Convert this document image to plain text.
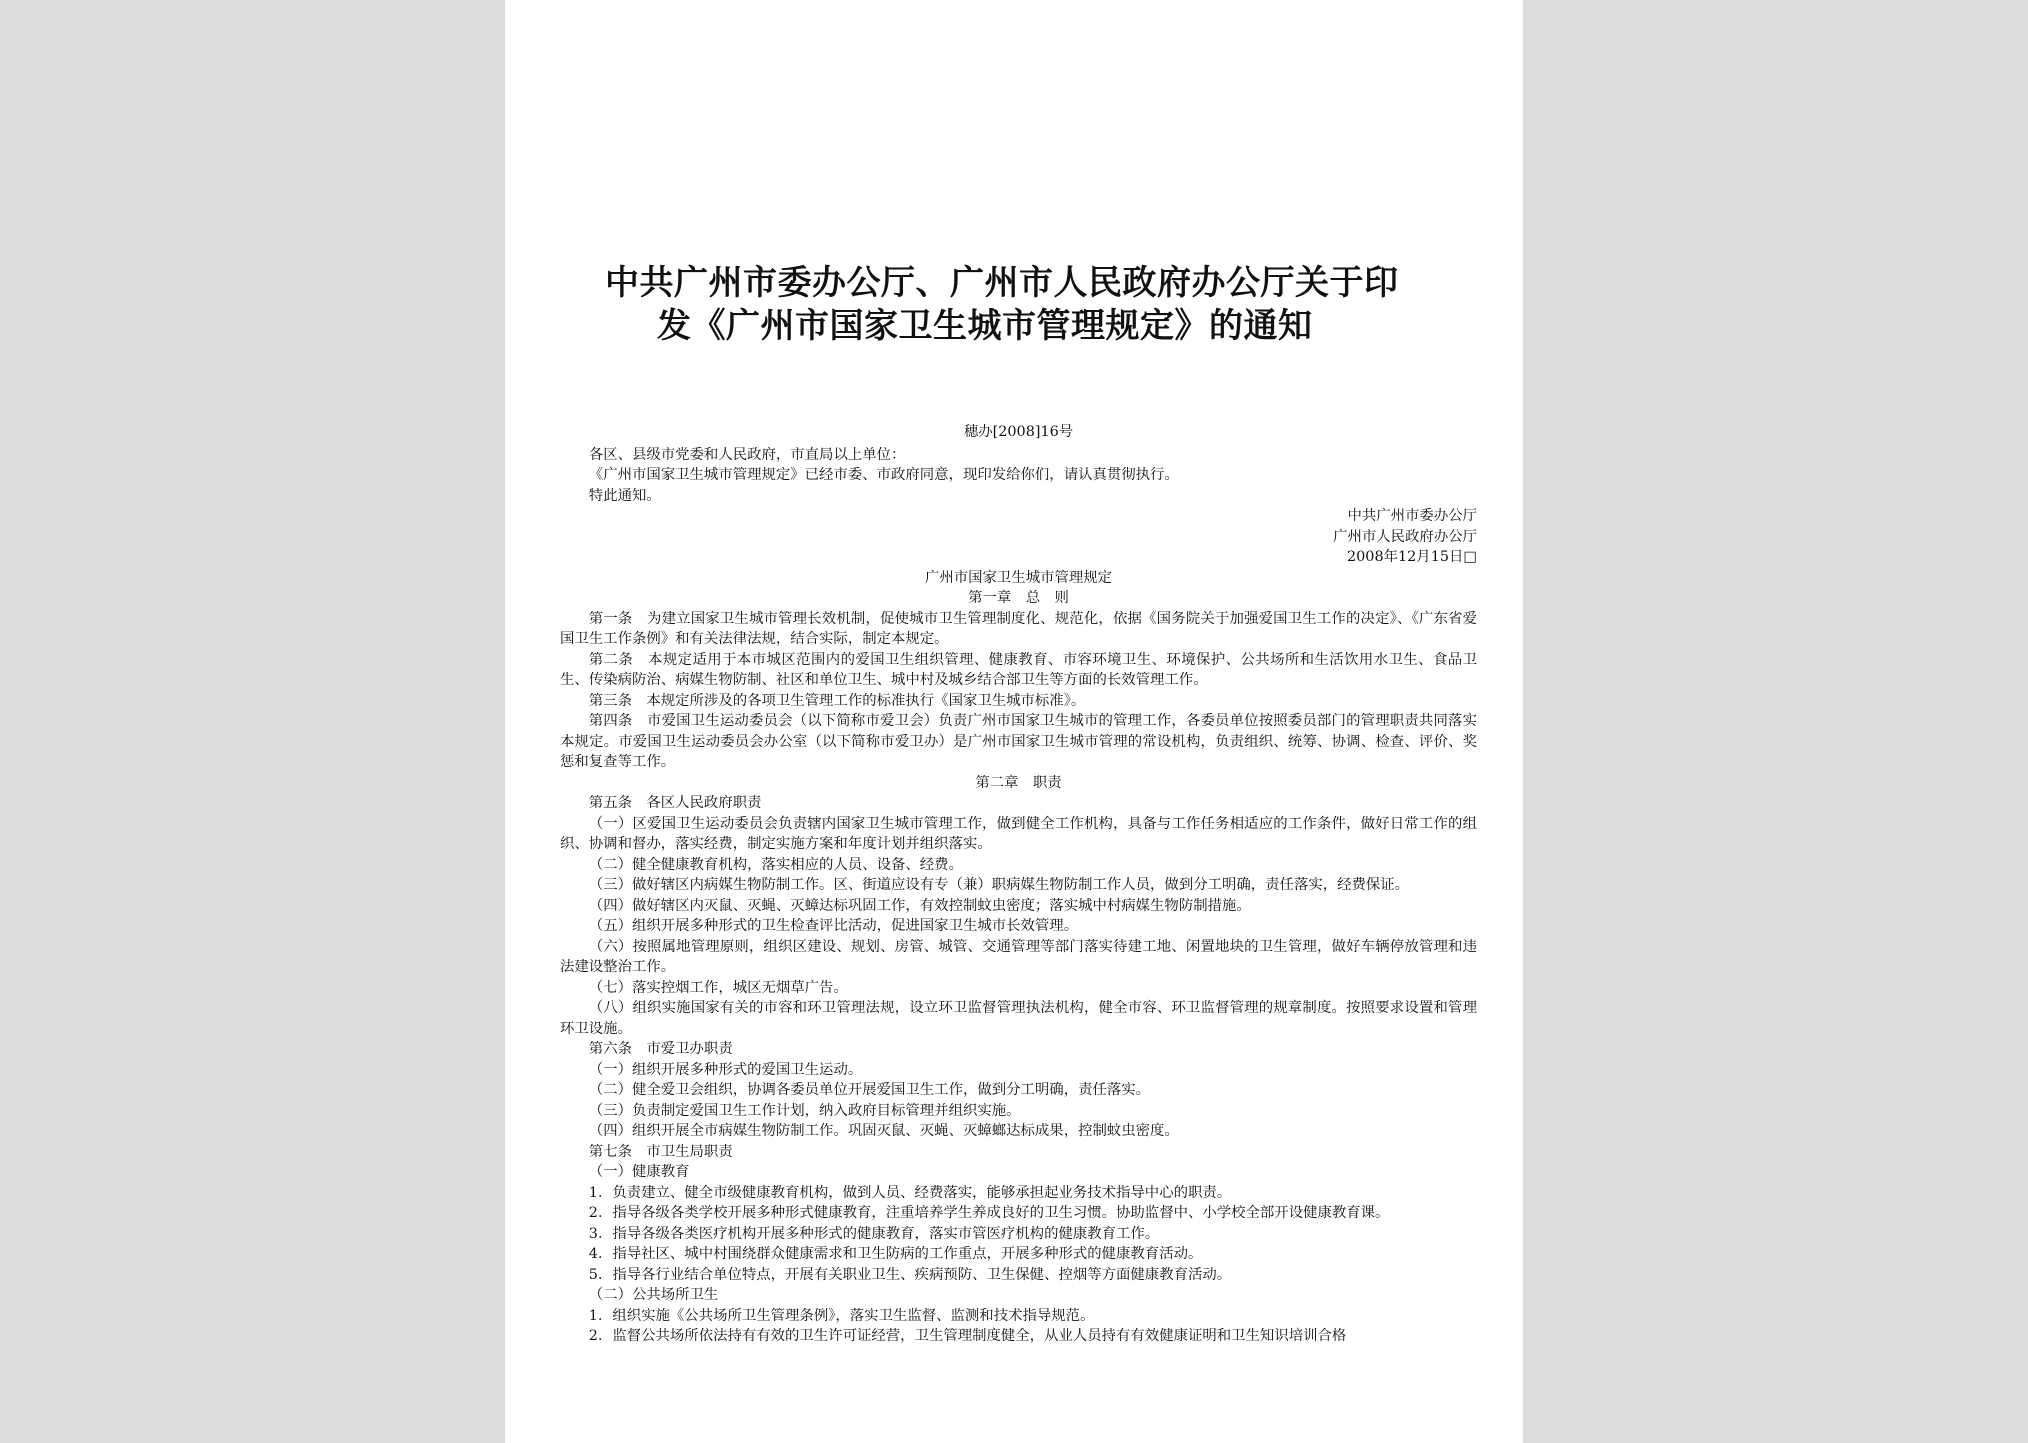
中共广州市委办公厅、广州市人民政府办公厅关于印
发《广州市国家卫生城市管理规定》的通知
穗办[2008]16号

各区、县级市党委和人民政府，市直局以上单位：

《广州市国家卫生城市管理规定》已经市委、市政府同意，现印发给你们，请认真贯彻执行。

特此通知。

中共广州市委办公厅
广州市人民政府办公厅
2008年12月15日□
广州市国家卫生城市管理规定
第一章　总　则

第一条　为建立国家卫生城市管理长效机制，促使城市卫生管理制度化、规范化，依据《国务院关于加强爱国卫生工作的决定》、《广东省爱国卫生工作条例》和有关法律法规，结合实际，制定本规定。

第二条　本规定适用于本市城区范围内的爱国卫生组织管理、健康教育、市容环境卫生、环境保护、公共场所和生活饮用水卫生、食品卫生、传染病防治、病媒生物防制、社区和单位卫生、城中村及城乡结合部卫生等方面的长效管理工作。

第三条　本规定所涉及的各项卫生管理工作的标准执行《国家卫生城市标准》。

第四条　市爱国卫生运动委员会（以下简称市爱卫会）负责广州市国家卫生城市的管理工作，各委员单位按照委员部门的管理职责共同落实本规定。市爱国卫生运动委员会办公室（以下简称市爱卫办）是广州市国家卫生城市管理的常设机构，负责组织、统筹、协调、检查、评价、奖惩和复查等工作。

第二章　职责

第五条　各区人民政府职责

（一）区爱国卫生运动委员会负责辖内国家卫生城市管理工作，做到健全工作机构，具备与工作任务相适应的工作条件，做好日常工作的组织、协调和督办，落实经费，制定实施方案和年度计划并组织落实。

（二）健全健康教育机构，落实相应的人员、设备、经费。

（三）做好辖区内病媒生物防制工作。区、街道应设有专（兼）职病媒生物防制工作人员，做到分工明确，责任落实，经费保证。

（四）做好辖区内灭鼠、灭蝇、灭蟑达标巩固工作，有效控制蚊虫密度；落实城中村病媒生物防制措施。

（五）组织开展多种形式的卫生检查评比活动，促进国家卫生城市长效管理。

（六）按照属地管理原则，组织区建设、规划、房管、城管、交通管理等部门落实待建工地、闲置地块的卫生管理，做好车辆停放管理和违法建设整治工作。

（七）落实控烟工作，城区无烟草广告。

（八）组织实施国家有关的市容和环卫管理法规，设立环卫监督管理执法机构，健全市容、环卫监督管理的规章制度。按照要求设置和管理环卫设施。

第六条　市爱卫办职责

（一）组织开展多种形式的爱国卫生运动。

（二）健全爱卫会组织，协调各委员单位开展爱国卫生工作，做到分工明确，责任落实。

（三）负责制定爱国卫生工作计划，纳入政府目标管理并组织实施。

（四）组织开展全市病媒生物防制工作。巩固灭鼠、灭蝇、灭蟑螂达标成果，控制蚊虫密度。

第七条　市卫生局职责

（一）健康教育

1．负责建立、健全市级健康教育机构，做到人员、经费落实，能够承担起业务技术指导中心的职责。

2．指导各级各类学校开展多种形式健康教育，注重培养学生养成良好的卫生习惯。协助监督中、小学校全部开设健康教育课。

3．指导各级各类医疗机构开展多种形式的健康教育，落实市管医疗机构的健康教育工作。

4．指导社区、城中村围绕群众健康需求和卫生防病的工作重点，开展多种形式的健康教育活动。

5．指导各行业结合单位特点，开展有关职业卫生、疾病预防、卫生保健、控烟等方面健康教育活动。

（二）公共场所卫生

1．组织实施《公共场所卫生管理条例》，落实卫生监督、监测和技术指导规范。

2．监督公共场所依法持有有效的卫生许可证经营，卫生管理制度健全，从业人员持有有效健康证明和卫生知识培训合格
